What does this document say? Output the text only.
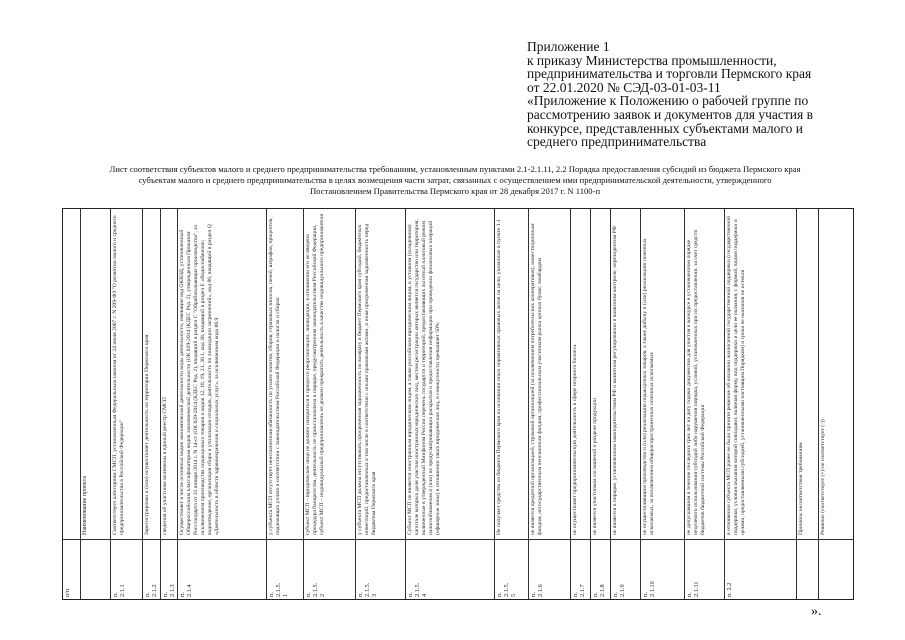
Приложение 1
к приказу Министерства промышленности,
предпринимательства и торговли Пермского края
от 22.01.2020 № СЭД-03-01-03-11
«Приложение к Положению о рабочей группе по
рассмотрению заявок и документов для участия в
конкурсе, представленных субъектами малого и
среднего предпринимательства
Лист соответствия субъектов малого и среднего предпринимательства требованиям, установленным пунктами 2.1-2.1.11, 2.2 Порядка предоставления субсидий из бюджета Пермского края
субъектам малого и среднего предпринимательства в целях возмещения части затрат, связанных с осуществлением ими предпринимательской деятельности, утвержденного
Постановлением Правительства Пермского края от 28 декабря 2017 г. N 1100-п
п/п
Наименование проекта	Соответствует категориям СМСП, установленным Федеральным законом от 24 июля 2007 г. N 209-ФЗ "О развитии малого и среднего предпринимательства в Российской Федерации"
п.
2.1.1
Зарегистрирован и (или) осуществляет деятельность на территории Пермского края
п.
2.1.2
сведения об участнике включены в единый реестр СМСП
п.
2.1.3
Осуществляет в числе основных видов экономической деятельности виды деятельности, имеющие код ОКВЭД, установленный Общероссийским классификатором видов экономической деятельности (ОК 029-2014 (КДЕС Ред. 2), утвержденным Приказом Росстандарта от 31 января 2014 г. N 14-ст (ОК 029-2014 (КДЕС Ред. 2), входящий в раздел С "Обрабатывающие производства", за исключением производства подакцизных товаров и кодов 12, 18, 19, 21, 30.1, код 38, входящий в раздел Е «Водоснабжение; водоотведение, организация сбора и утилизации отходов, деятельность по ликвидации загрязнений», код 86, входящий в раздел Q «Деятельность в области здравоохранения и социальных услуг», за исключением кода 86.9
п.
2.1.4
у субъекта МСП отсутствует неисполненная обязанность по уплате налогов, сборов, страховых взносов, пеней, штрафов, процентов, подлежащих уплате в соответствии с законодательством Российской Федерации о налогах и сборах
п.
2.1.5.
1
субъект МСП – юридическое лицо не должен находиться в процессе реорганизации, ликвидации, в отношении его не введена процедура банкротства, деятельность не приостановлена в порядке, предусмотренном законодательством Российской Федерации, субъект МСП – индивидуальный предприниматель не должен прекратить деятельность в качестве индивидуального предпринимателя
п.
2.1.5.
2
у субъекта МСП должна отсутствовать просроченная задолженность по возврату в бюджет Пермского края субсидий, бюджетных инвестиций, предоставленных в том числе в соответствии с иными правовыми актами, и иная просроченная задолженность перед бюджетом Пермского края
п.
2.1.5.
3
Субъект МСП не является иностранным юридическим лицом, а также российским юридическим лицом, в уставном (складочном) капитале которых доля участия иностранных юридических лиц, местом регистрации которых является государство или территория, включенные в утвержденный Минфином России перечень государств и территорий, предоставляющих льготный налоговый режим налогообложения и (или) не предусматривающих раскрытия и предоставления информации при проведении финансовых операций (офшорные зоны) в отношении таких юридических лиц, в совокупности превышает 50%
п.
2.1.5.
4
Не получает средства из бюджета Пермского края на основании иных нормативных правовых актов на цели, указанные в пункте 1.1
п.
2.1.5.
5
не является кредитной организацией, страховой организацией (за исключением потребительских кооперативов), инвестиционным фондом, негосударственным пенсионным фондом, профессиональным участником рынка ценных бумаг, ломбардом
п.
2.1.6
не осуществляет предпринимательскую деятельность в сфере игорного бизнеса
п.
2.1.7
не является участником соглашений о разделе продукции
п.
2.1.8
не является в порядке, установленном законодательством РФ о валютном регулировании и валютном контроле, нерезидентом РФ
п.
2.1.9
не осуществляющим производство и (или) реализацию подакцизных товаров, а также добычу и (или) реализацию полезных ископаемых, за исключением общераспространенных полезных ископаемых
п.
2.1.10
не допускавшим в течение последних трех лет на дату подачи документов для участия в конкурсе в установленном порядке нецелевого использования субсидий либо нарушения порядка, условий, установленных при их предоставлении, за счет средств бюджетов бюджетной системы Российской Федерации
п.
2.1.11
в отношении субъекта МСП ранее не было принято решение об оказании аналогичной государственной поддержки (государственной поддержки, условия оказания которой совпадают, включая форму, вид поддержки и цели ее оказания, с формой, видом поддержки и целями, предоставляемыми субсидией, установленными настоящим Порядком) и сроки ее оказания не истекли
п. 2.2
Причины несоответствия требованиям	Решение (соответствует (+)/не соответствует (-))
».
